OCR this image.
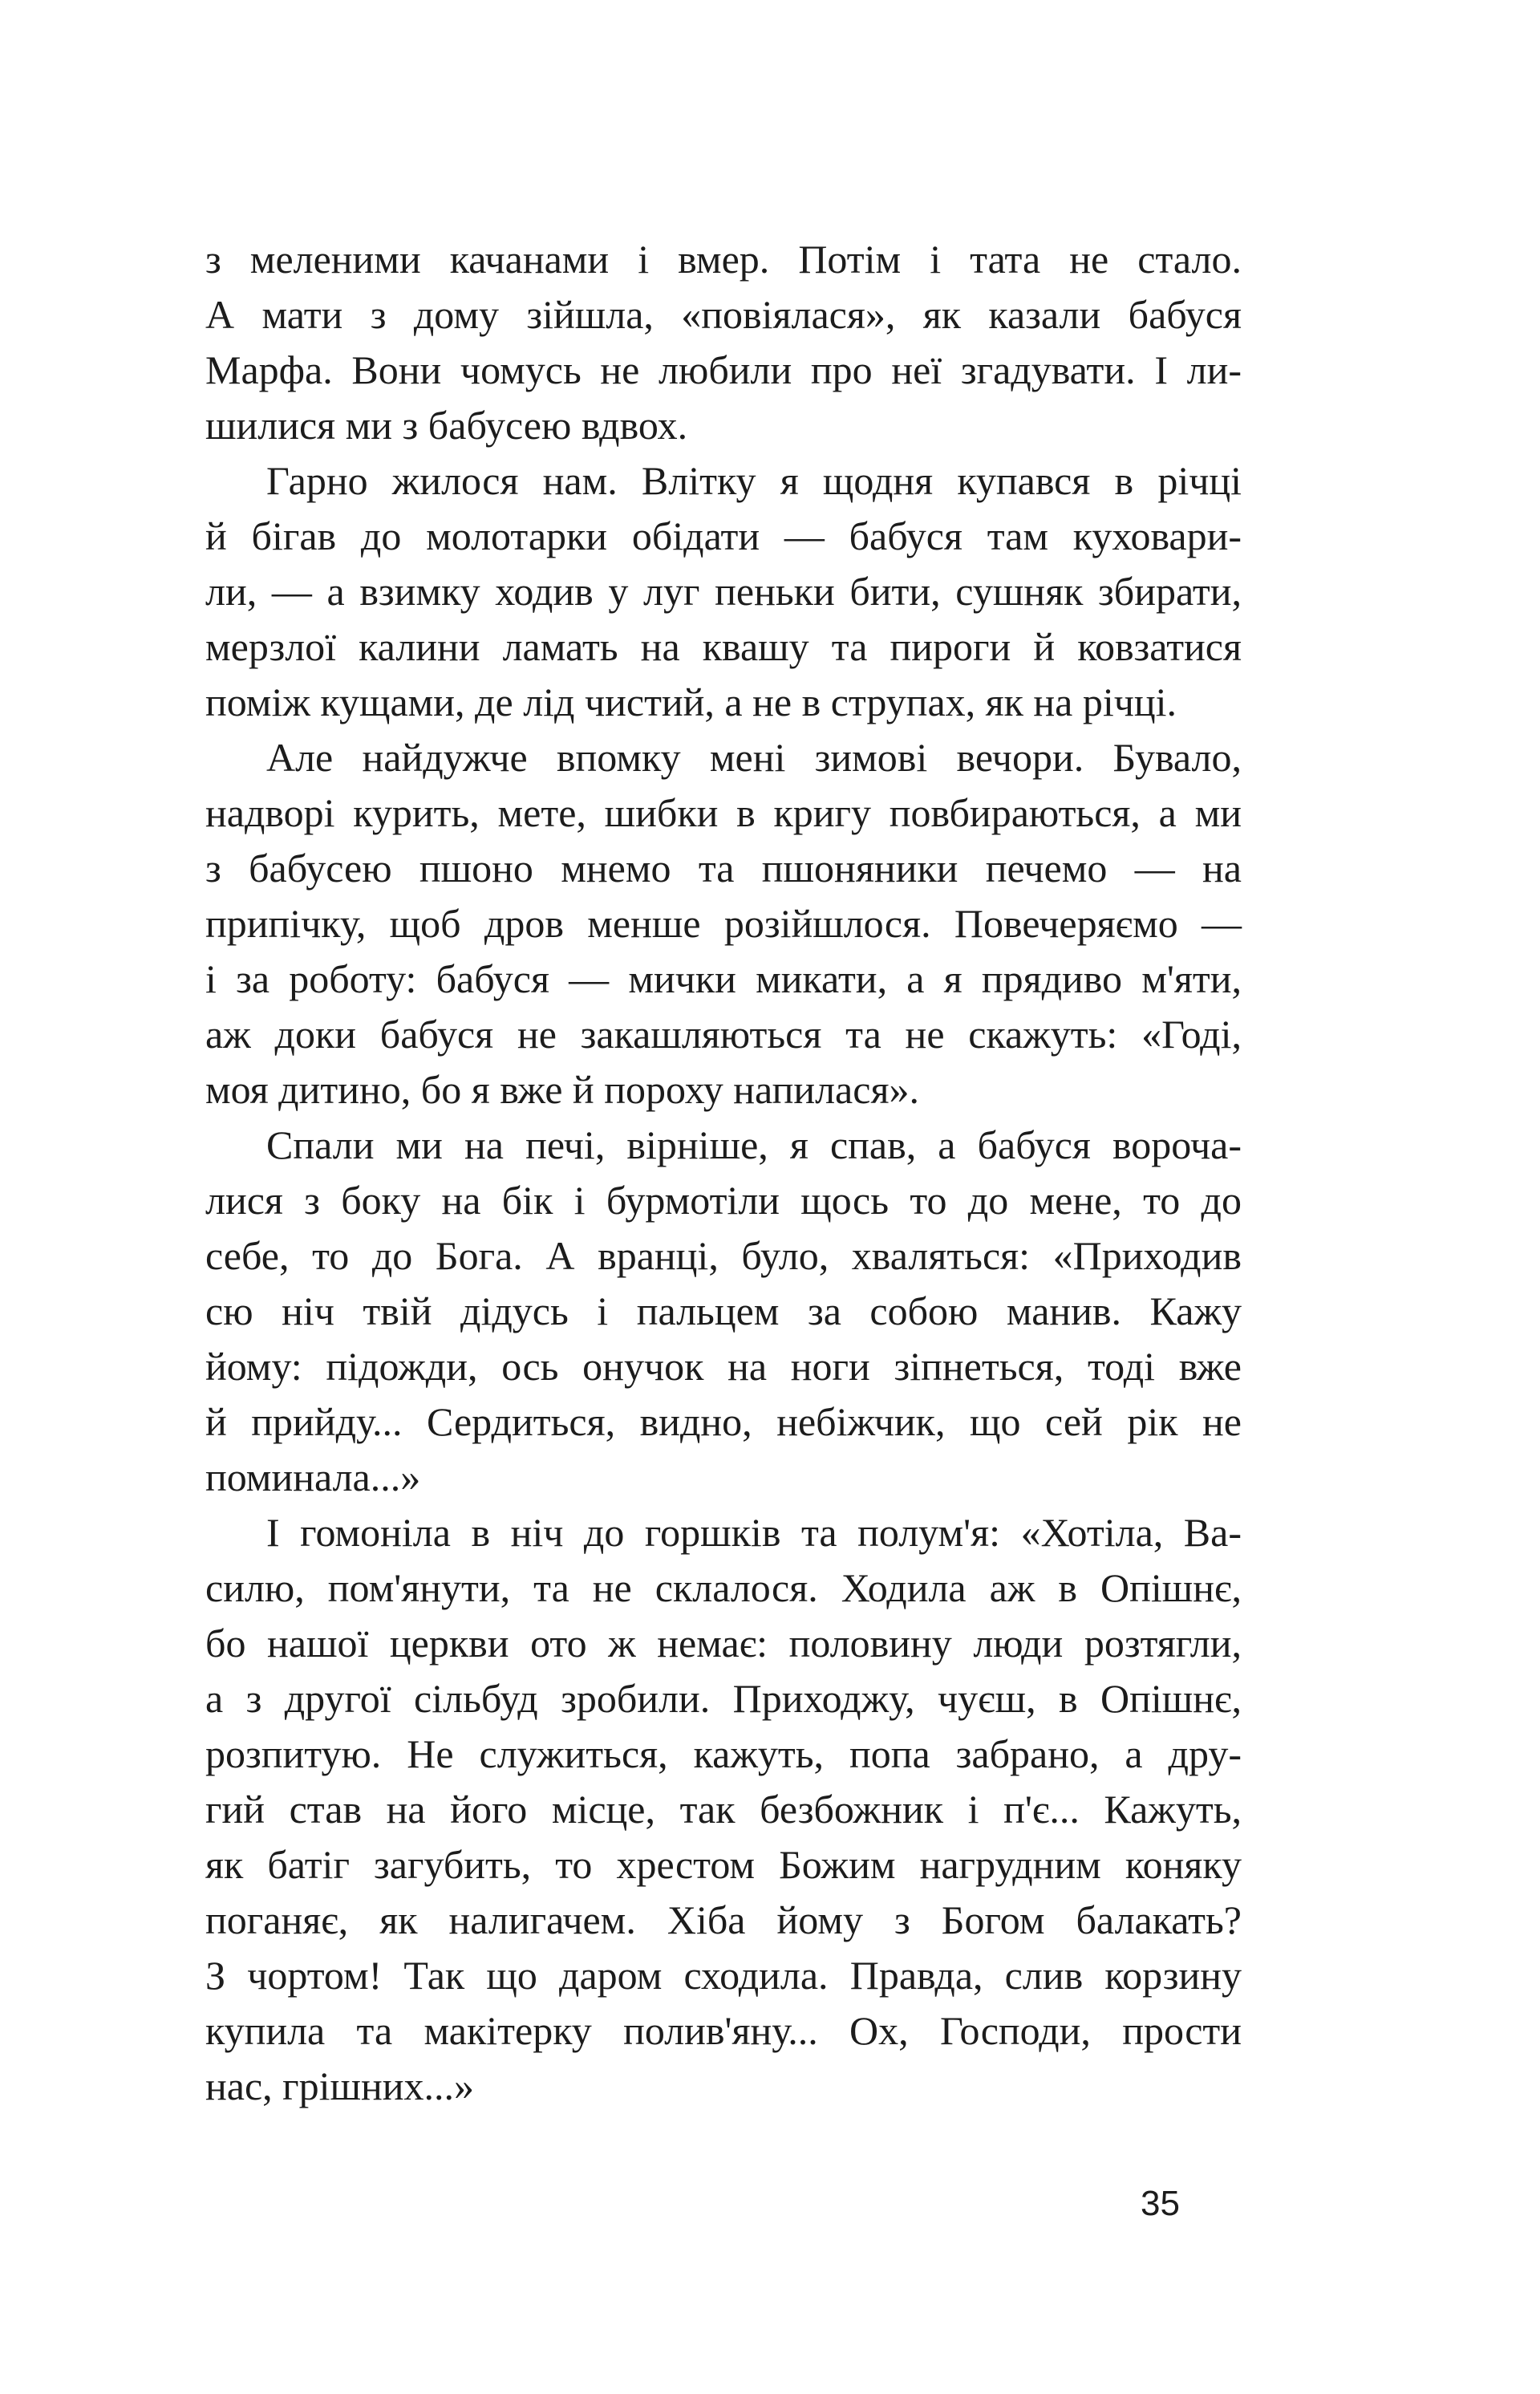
з меленими качанами і вмер. Потім і тата не стало.
А мати з дому зійшла, «повіялася», як казали бабуся
Марфа. Вони чомусь не любили про неї згадувати. І ли-
шилися ми з бабусею вдвох.
Гарно жилося нам. Влітку я щодня купався в річці
й бігав до молотарки обідати — бабуся там куховари-
ли, — а взимку ходив у луг пеньки бити, сушняк збирати,
мерзлої калини ламать на квашу та пироги й ковзатися
поміж кущами, де лід чистий, а не в струпах, як на річці.
Але найдужче впомку мені зимові вечори. Бувало,
надворі курить, мете, шибки в кригу повбираються, а ми
з бабусею пшоно мнемо та пшоняники печемо — на
припічку, щоб дров менше розійшлося. Повечеряємо —
і за роботу: бабуся — мички микати, а я прядиво м'яти,
аж доки бабуся не закашляються та не скажуть: «Годі,
моя дитино, бо я вже й пороху напилася».
Спали ми на печі, вірніше, я спав, а бабуся вороча-
лися з боку на бік і бурмотіли щось то до мене, то до
себе, то до Бога. А вранці, було, хваляться: «Приходив
сю ніч твій дідусь і пальцем за собою манив. Кажу
йому: підожди, ось онучок на ноги зіпнеться, тоді вже
й прийду... Сердиться, видно, небіжчик, що сей рік не
поминала...»
І гомоніла в ніч до горшків та полум'я: «Хотіла, Ва-
силю, пом'янути, та не склалося. Ходила аж в Опішнє,
бо нашої церкви ото ж немає: половину люди розтягли,
а з другої сільбуд зробили. Приходжу, чуєш, в Опішнє,
розпитую. Не служиться, кажуть, попа забрано, а дру-
гий став на його місце, так безбожник і п'є... Кажуть,
як батіг загубить, то хрестом Божим нагрудним коняку
поганяє, як налигачем. Хіба йому з Богом балакать?
З чортом! Так що даром сходила. Правда, слив корзину
купила та макітерку полив'яну... Ох, Господи, прости
нас, грішних...»
35
